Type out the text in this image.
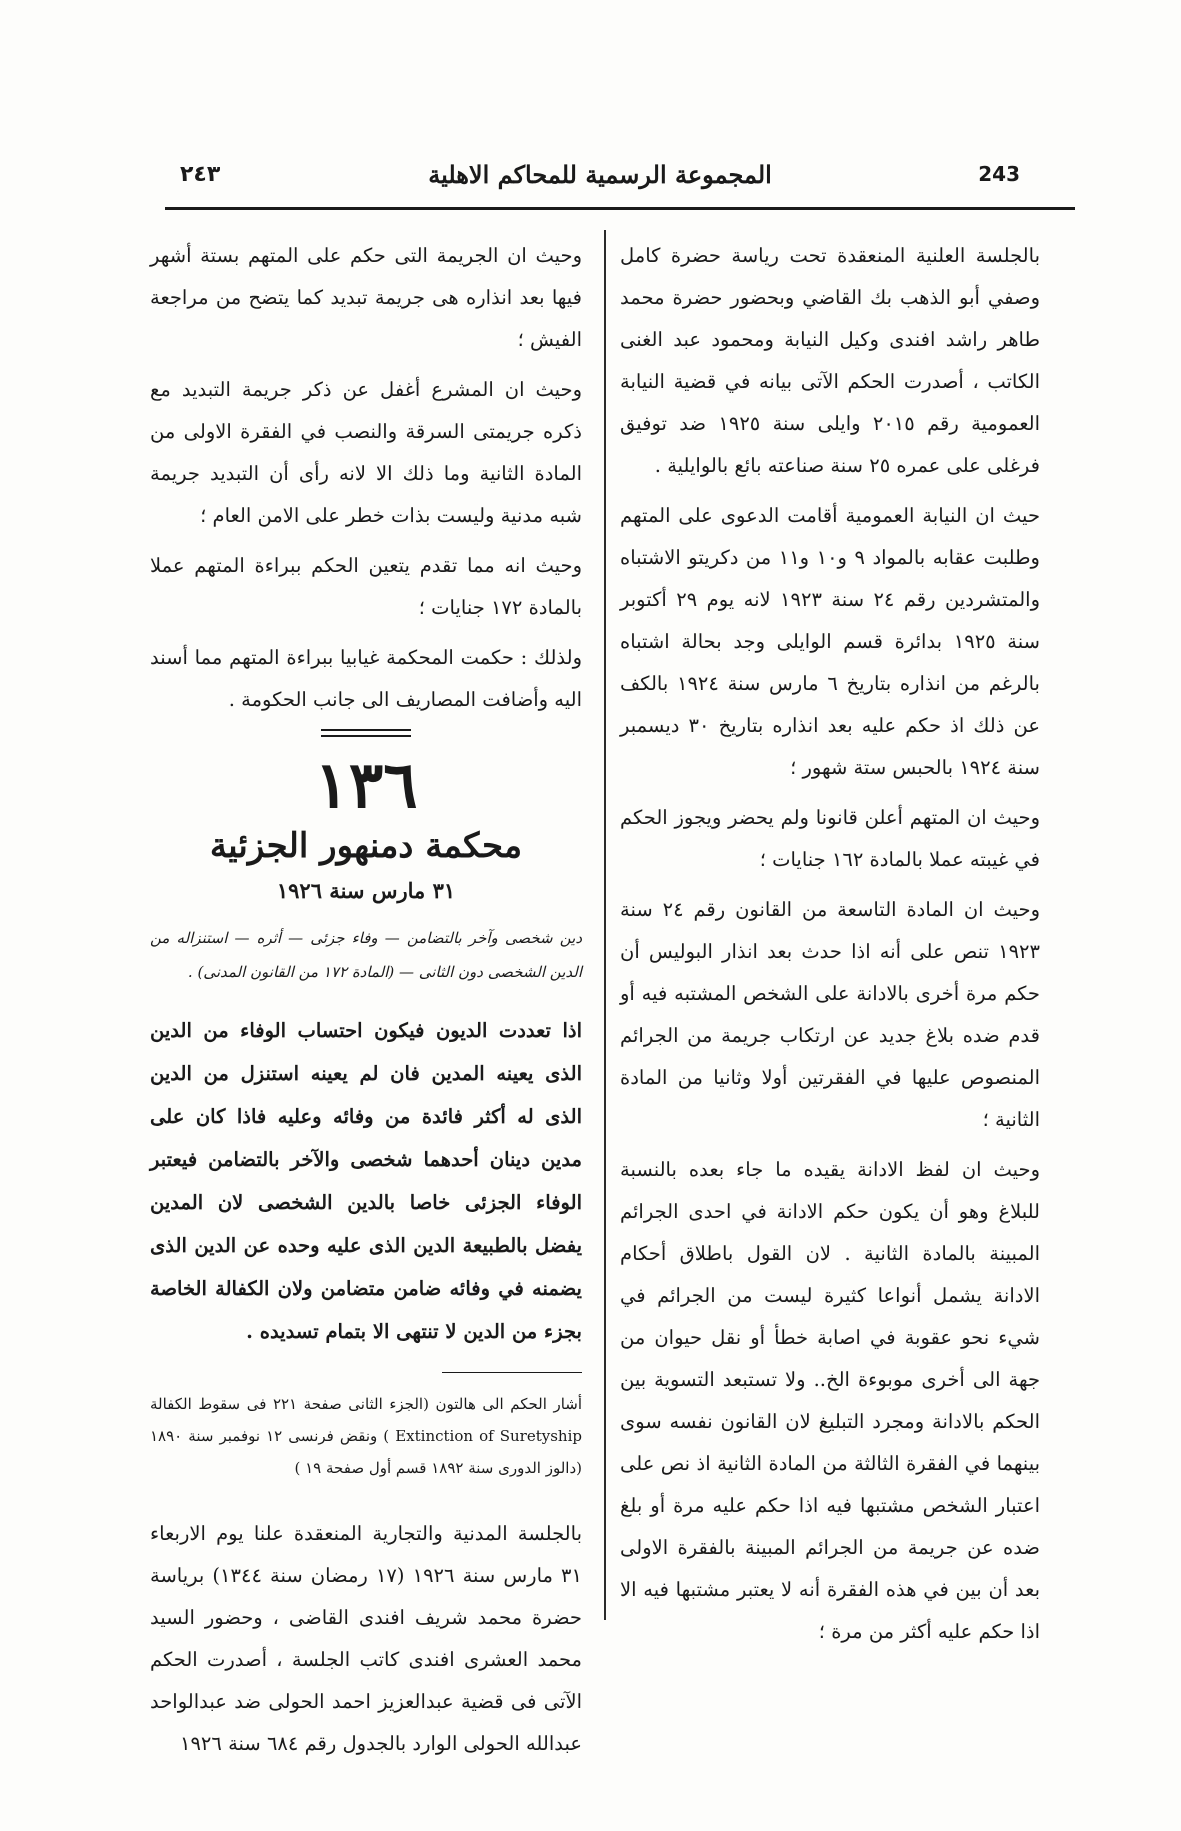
٢٤٣	المجموعة الرسمية للمحاكم الاهلية	243

بالجلسة العلنية المنعقدة تحت رياسة حضرة كامل وصفي أبو الذهب بك القاضي وبحضور حضرة محمد طاهر راشد افندى وكيل النيابة ومحمود عبد الغنى الكاتب ، أصدرت الحكم الآتى بيانه في قضية النيابة العمومية رقم ٢٠١٥ وايلى سنة ١٩٢٥ ضد توفيق فرغلى على عمره ٢٥ سنة صناعته بائع بالوايلية .

حيث ان النيابة العمومية أقامت الدعوى على المتهم وطلبت عقابه بالمواد ٩ و١٠ و١١ من دكريتو الاشتباه والمتشردين رقم ٢٤ سنة ١٩٢٣ لانه يوم ٢٩ أكتوبر سنة ١٩٢٥ بدائرة قسم الوايلى وجد بحالة اشتباه بالرغم من انذاره بتاريخ ٦ مارس سنة ١٩٢٤ بالكف عن ذلك اذ حكم عليه بعد انذاره بتاريخ ٣٠ ديسمبر سنة ١٩٢٤ بالحبس ستة شهور ؛

وحيث ان المتهم أعلن قانونا ولم يحضر ويجوز الحكم في غيبته عملا بالمادة ١٦٢ جنايات ؛

وحيث ان المادة التاسعة من القانون رقم ٢٤ سنة ١٩٢٣ تنص على أنه اذا حدث بعد انذار البوليس أن حكم مرة أخرى بالادانة على الشخص المشتبه فيه أو قدم ضده بلاغ جديد عن ارتكاب جريمة من الجرائم المنصوص عليها في الفقرتين أولا وثانيا من المادة الثانية ؛

وحيث ان لفظ الادانة يقيده ما جاء بعده بالنسبة للبلاغ وهو أن يكون حكم الادانة في احدى الجرائم المبينة بالمادة الثانية . لان القول باطلاق أحكام الادانة يشمل أنواعا كثيرة ليست من الجرائم في شيء نحو عقوبة في اصابة خطأ أو نقل حيوان من جهة الى أخرى موبوءة الخ.. ولا تستبعد التسوية بين الحكم بالادانة ومجرد التبليغ لان القانون نفسه سوى بينهما في الفقرة الثالثة من المادة الثانية اذ نص على اعتبار الشخص مشتبها فيه اذا حكم عليه مرة أو بلغ ضده عن جريمة من الجرائم المبينة بالفقرة الاولى بعد أن بين في هذه الفقرة أنه لا يعتبر مشتبها فيه الا اذا حكم عليه أكثر من مرة ؛

وحيث ان الجريمة التى حكم على المتهم بستة أشهر فيها بعد انذاره هى جريمة تبديد كما يتضح من مراجعة الفيش ؛

وحيث ان المشرع أغفل عن ذكر جريمة التبديد مع ذكره جريمتى السرقة والنصب في الفقرة الاولى من المادة الثانية وما ذلك الا لانه رأى أن التبديد جريمة شبه مدنية وليست بذات خطر على الامن العام ؛

وحيث انه مما تقدم يتعين الحكم ببراءة المتهم عملا بالمادة ١٧٢ جنايات ؛

ولذلك : حكمت المحكمة غيابيا ببراءة المتهم مما أسند اليه وأضافت المصاريف الى جانب الحكومة .

١٣٦
محكمة دمنهور الجزئية
٣١ مارس سنة ١٩٢٦

دين شخصى وآخر بالتضامن — وفاء جزئى — أثره — استنزاله من الدين الشخصى دون الثانى — (المادة ١٧٢ من القانون المدنى) .

اذا تعددت الديون فيكون احتساب الوفاء من الدين الذى يعينه المدين فان لم يعينه استنزل من الدين الذى له أكثر فائدة من وفائه وعليه فاذا كان على مدين دينان أحدهما شخصى والآخر بالتضامن فيعتبر الوفاء الجزئى خاصا بالدين الشخصى لان المدين يفضل بالطبيعة الدين الذى عليه وحده عن الدين الذى يضمنه في وفائه ضامن متضامن ولان الكفالة الخاصة بجزء من الدين لا تنتهى الا بتمام تسديده .

أشار الحكم الى هالتون (الجزء الثانى صفحة ٢٢١ فى سقوط الكفالة Extinction of Suretyship ) ونقض فرنسى ١٢ نوفمبر سنة ١٨٩٠ (دالوز الدورى سنة ١٨٩٢ قسم أول صفحة ١٩ )

بالجلسة المدنية والتجارية المنعقدة علنا يوم الاربعاء ٣١ مارس سنة ١٩٢٦ (١٧ رمضان سنة ١٣٤٤) برياسة حضرة محمد شريف افندى القاضى ، وحضور السيد محمد العشرى افندى كاتب الجلسة ، أصدرت الحكم الآتى فى قضية عبدالعزيز احمد الحولى ضد عبدالواحد عبدالله الحولى الوارد بالجدول رقم ٦٨٤ سنة ١٩٢٦
